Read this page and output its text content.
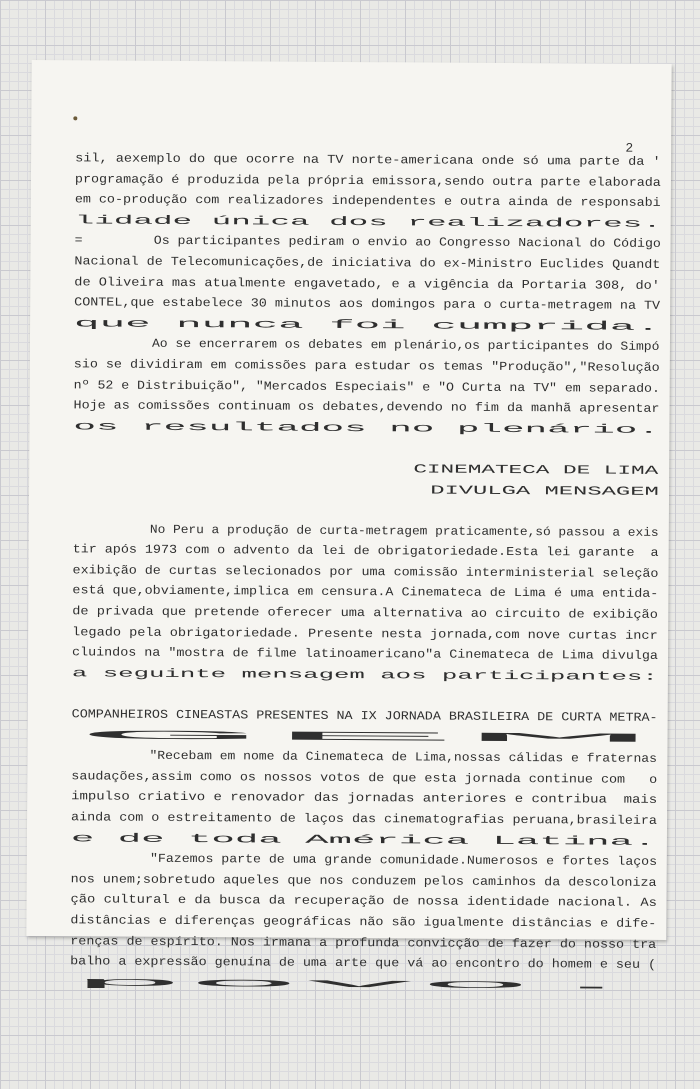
2
sil, aexemplo do que ocorre na TV norte-americana onde só uma parte da '
programação é produzida pela própria emissora,sendo outra parte elaborada
em co-produção com realizadores independentes e outra ainda de responsabi
lidade única dos realizadores.
=         Os participantes pediram o envio ao Congresso Nacional do Código
Nacional de Telecomunicações,de iniciativa do ex-Ministro Euclides Quandt
de Oliveira mas atualmente engavetado, e a vigência da Portaria 308, do'
CONTEL,que estabelece 30 minutos aos domingos para o curta-metragem na TV
que nunca foi cumprida.
Ao se encerrarem os debates em plenário,os participantes do Simpó
sio se dividiram em comissões para estudar os temas "Produção","Resolução
nº 52 e Distribuição", "Mercados Especiais" e "O Curta na TV" em separado.
Hoje as comissões continuam os debates,devendo no fim da manhã apresentar
os resultados no plenário.
CINEMATECA DE LIMA
DIVULGA MENSAGEM
No Peru a produção de curta-metragem praticamente,só passou a exis
tir após 1973 com o advento da lei de obrigatoriedade.Esta lei garante  a
exibição de curtas selecionados por uma comissão interministerial seleção
está que,obviamente,implica em censura.A Cinemateca de Lima é uma entida-
de privada que pretende oferecer uma alternativa ao circuito de exibição
legado pela obrigatoriedade. Presente nesta jornada,com nove curtas incr
cluindos na "mostra de filme latinoamericano"a Cinemateca de Lima divulga
a seguinte mensagem aos participantes:
COMPANHEIROS CINEASTAS PRESENTES NA IX JORNADA BRASILEIRA DE CURTA METRA-
GEM
"Recebam em nome da Cinemateca de Lima,nossas cálidas e fraternas
saudações,assim como os nossos votos de que esta jornada continue com   o
impulso criativo e renovador das jornadas anteriores e contribua  mais
ainda com o estreitamento de laços das cinematografias peruana,brasileira
e de toda América Latina.
"Fazemos parte de uma grande comunidade.Numerosos e fortes laços
nos unem;sobretudo aqueles que nos conduzem pelos caminhos da descoloniza
ção cultural e da busca da recuperação de nossa identidade nacional. As
distâncias e diferenças geográficas não são igualmente distâncias e dife-
renças de espírito. Nos irmana a profunda convicção de fazer do nosso tra
balho a expressão genuína de uma arte que vá ao encontro do homem e seu (
povo.
